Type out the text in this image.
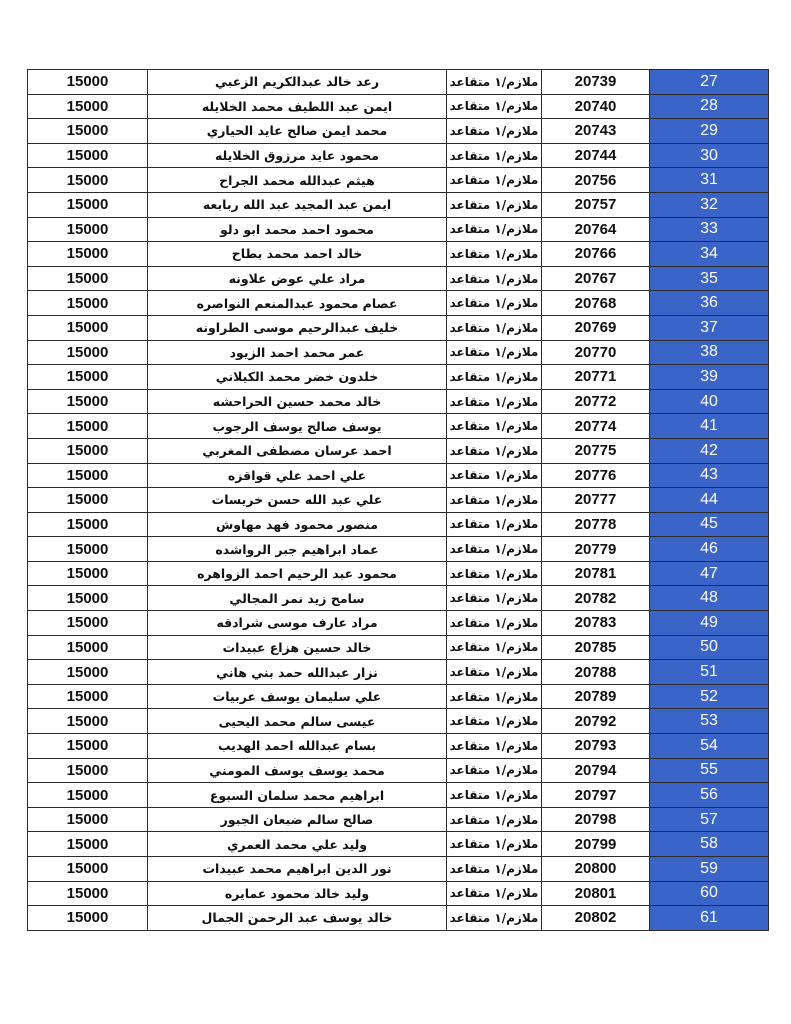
15000	رعد خالد عبدالكريم الزعبي	ملازم/١ متقاعد	20739	27
15000	ايمن عبد اللطيف محمد الخلايله	ملازم/١ متقاعد	20740	28
15000	محمد ايمن صالح عايد الحياري	ملازم/١ متقاعد	20743	29
15000	محمود عايد مرزوق الخلايله	ملازم/١ متقاعد	20744	30
15000	هيثم عبدالله محمد الجراح	ملازم/١ متقاعد	20756	31
15000	ايمن عبد المجيد عبد الله ربابعه	ملازم/١ متقاعد	20757	32
15000	محمود احمد محمد ابو دلو	ملازم/١ متقاعد	20764	33
15000	خالد احمد محمد بطاح	ملازم/١ متقاعد	20766	34
15000	مراد علي عوض علاونه	ملازم/١ متقاعد	20767	35
15000	عصام محمود عبدالمنعم النواصره	ملازم/١ متقاعد	20768	36
15000	خليف عبدالرحيم موسى الطراونه	ملازم/١ متقاعد	20769	37
15000	عمر محمد احمد الزيود	ملازم/١ متقاعد	20770	38
15000	خلدون خضر محمد الكيلاني	ملازم/١ متقاعد	20771	39
15000	خالد محمد حسين الحراحشه	ملازم/١ متقاعد	20772	40
15000	يوسف صالح يوسف الرجوب	ملازم/١ متقاعد	20774	41
15000	احمد عرسان مصطفى المغربي	ملازم/١ متقاعد	20775	42
15000	علي احمد علي قواقزه	ملازم/١ متقاعد	20776	43
15000	علي عبد الله حسن خريسات	ملازم/١ متقاعد	20777	44
15000	منصور محمود فهد مهاوش	ملازم/١ متقاعد	20778	45
15000	عماد ابراهيم جبر الرواشده	ملازم/١ متقاعد	20779	46
15000	محمود عبد الرحيم احمد الزواهره	ملازم/١ متقاعد	20781	47
15000	سامح زيد نمر المجالي	ملازم/١ متقاعد	20782	48
15000	مراد عارف موسى شرادقه	ملازم/١ متقاعد	20783	49
15000	خالد حسين هزاع عبيدات	ملازم/١ متقاعد	20785	50
15000	نزار عبدالله حمد بني هاني	ملازم/١ متقاعد	20788	51
15000	علي سليمان يوسف عربيات	ملازم/١ متقاعد	20789	52
15000	عيسى سالم محمد اليحيى	ملازم/١ متقاعد	20792	53
15000	بسام عبدالله احمد الهديب	ملازم/١ متقاعد	20793	54
15000	محمد يوسف يوسف المومني	ملازم/١ متقاعد	20794	55
15000	ابراهيم محمد سلمان السبوع	ملازم/١ متقاعد	20797	56
15000	صالح سالم ضبعان الجبور	ملازم/١ متقاعد	20798	57
15000	وليد علي محمد العمري	ملازم/١ متقاعد	20799	58
15000	نور الدين ابراهيم محمد عبيدات	ملازم/١ متقاعد	20800	59
15000	وليد خالد محمود عمايره	ملازم/١ متقاعد	20801	60
15000	خالد يوسف عبد الرحمن الجمال	ملازم/١ متقاعد	20802	61
